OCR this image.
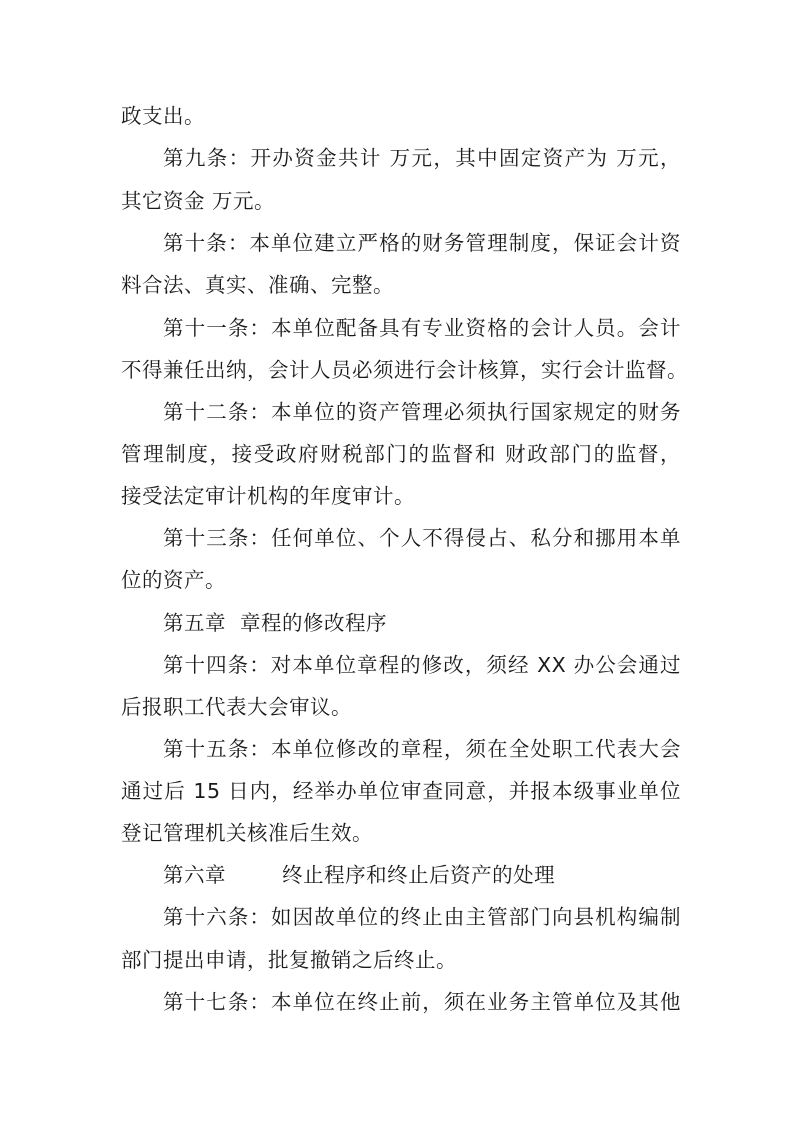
政支出。
第九条：开办资金共计 万元，其中固定资产为 万元，
其它资金 万元。
第十条：本单位建立严格的财务管理制度，保证会计资
料合法、真实、准确、完整。
第十一条：本单位配备具有专业资格的会计人员。会计
不得兼任出纳，会计人员必须进行会计核算，实行会计监督。
第十二条：本单位的资产管理必须执行国家规定的财务
管理制度，接受政府财税部门的监督和 财政部门的监督，
接受法定审计机构的年度审计。
第十三条：任何单位、个人不得侵占、私分和挪用本单
位的资产。
第五章  章程的修改程序
第十四条：对本单位章程的修改，须经 XX 办公会通过
后报职工代表大会审议。
第十五条：本单位修改的章程，须在全处职工代表大会
通过后 15 日内，经举办单位审查同意，并报本级事业单位
登记管理机关核准后生效。
第六章        终止程序和终止后资产的处理
第十六条：如因故单位的终止由主管部门向县机构编制
部门提出申请，批复撤销之后终止。
第十七条：本单位在终止前，须在业务主管单位及其他
